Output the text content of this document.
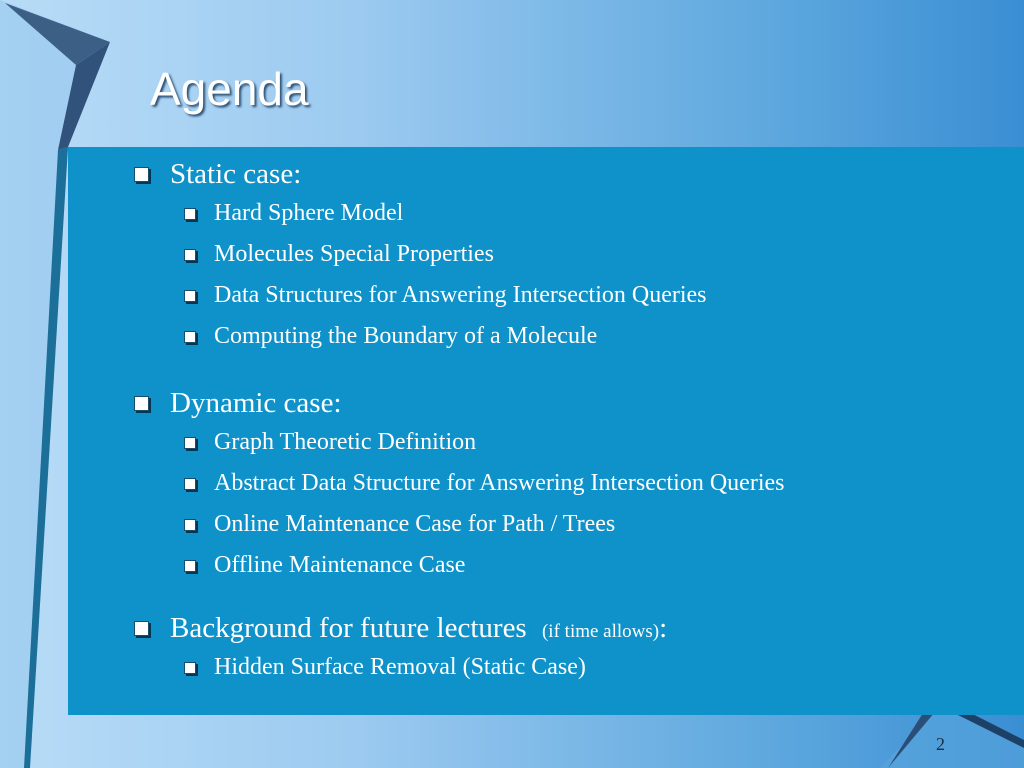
Agenda
Static case:
Hard Sphere Model
Molecules Special Properties
Data Structures for Answering Intersection Queries
Computing the Boundary of a Molecule
Dynamic case:
Graph Theoretic Definition
Abstract Data Structure for Answering Intersection Queries
Online Maintenance Case for Path / Trees
Offline Maintenance Case
Background for future lectures (if time allows):
Hidden Surface Removal (Static Case)
2
